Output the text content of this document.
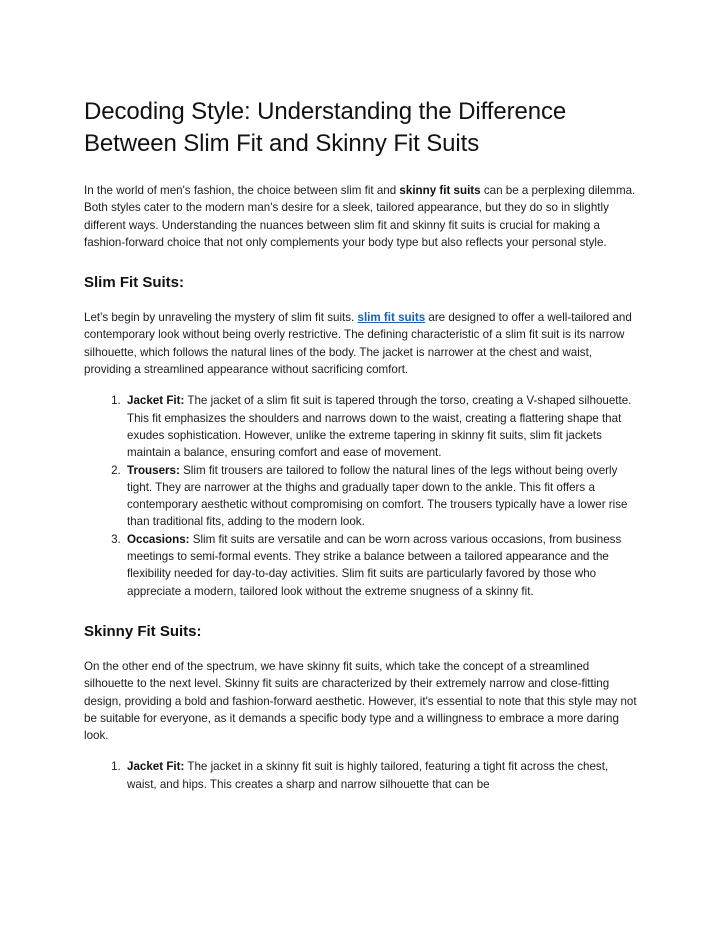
Decoding Style: Understanding the Difference Between Slim Fit and Skinny Fit Suits

In the world of men's fashion, the choice between slim fit and skinny fit suits can be a perplexing dilemma. Both styles cater to the modern man's desire for a sleek, tailored appearance, but they do so in slightly different ways. Understanding the nuances between slim fit and skinny fit suits is crucial for making a fashion-forward choice that not only complements your body type but also reflects your personal style.

Slim Fit Suits:

Let's begin by unraveling the mystery of slim fit suits. slim fit suits are designed to offer a well-tailored and contemporary look without being overly restrictive. The defining characteristic of a slim fit suit is its narrow silhouette, which follows the natural lines of the body. The jacket is narrower at the chest and waist, providing a streamlined appearance without sacrificing comfort.

1. Jacket Fit: The jacket of a slim fit suit is tapered through the torso, creating a V-shaped silhouette. This fit emphasizes the shoulders and narrows down to the waist, creating a flattering shape that exudes sophistication. However, unlike the extreme tapering in skinny fit suits, slim fit jackets maintain a balance, ensuring comfort and ease of movement.
2. Trousers: Slim fit trousers are tailored to follow the natural lines of the legs without being overly tight. They are narrower at the thighs and gradually taper down to the ankle. This fit offers a contemporary aesthetic without compromising on comfort. The trousers typically have a lower rise than traditional fits, adding to the modern look.
3. Occasions: Slim fit suits are versatile and can be worn across various occasions, from business meetings to semi-formal events. They strike a balance between a tailored appearance and the flexibility needed for day-to-day activities. Slim fit suits are particularly favored by those who appreciate a modern, tailored look without the extreme snugness of a skinny fit.
Skinny Fit Suits:

On the other end of the spectrum, we have skinny fit suits, which take the concept of a streamlined silhouette to the next level. Skinny fit suits are characterized by their extremely narrow and close-fitting design, providing a bold and fashion-forward aesthetic. However, it's essential to note that this style may not be suitable for everyone, as it demands a specific body type and a willingness to embrace a more daring look.

1. Jacket Fit: The jacket in a skinny fit suit is highly tailored, featuring a tight fit across the chest, waist, and hips. This creates a sharp and narrow silhouette that can be
